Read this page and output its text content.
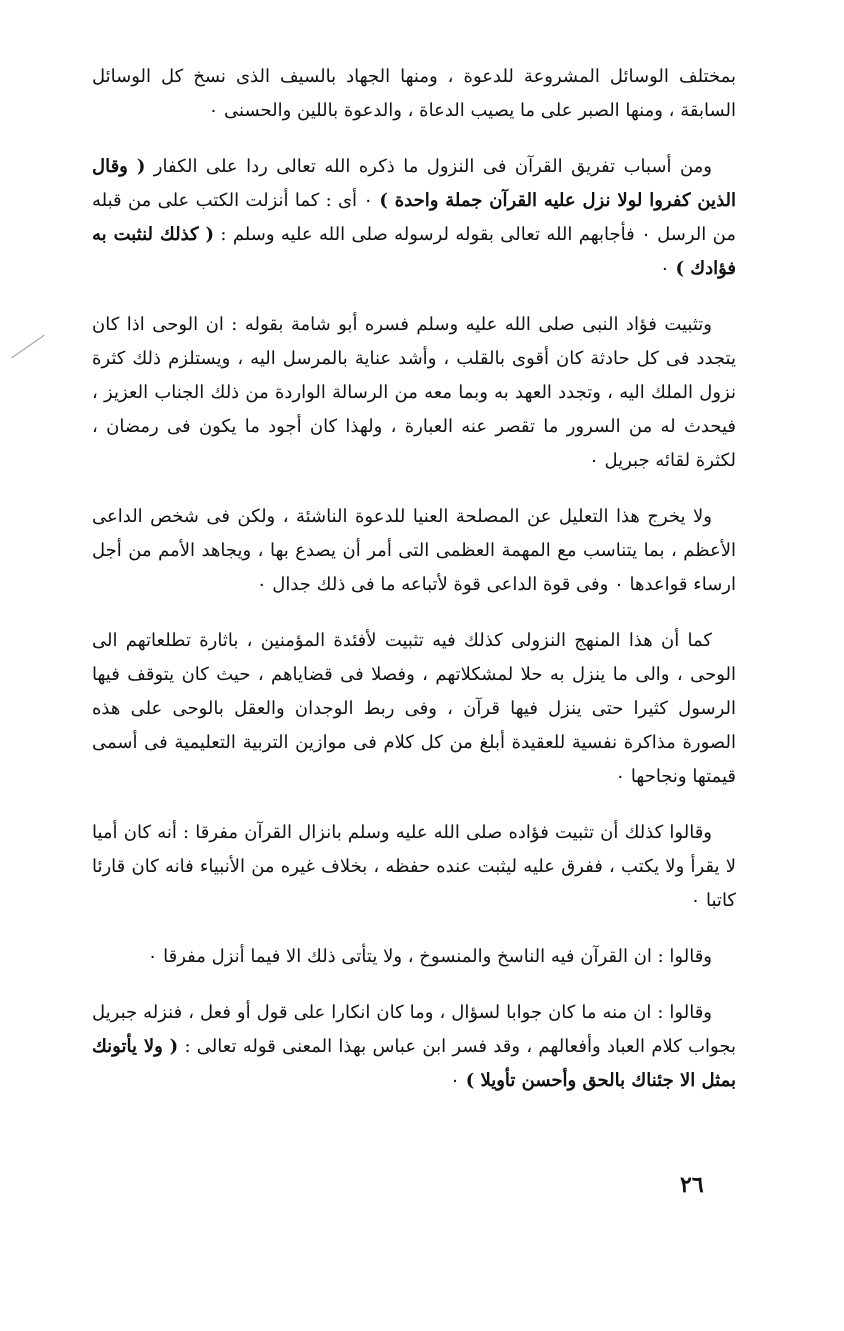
بمختلف الوسائل المشروعة للدعوة ، ومنها الجهاد بالسيف الذى نسخ كل الوسائل السابقة ، ومنها الصبر على ما يصيب الدعاة ، والدعوة باللين والحسنى ٠

ومن أسباب تفريق القرآن فى النزول ما ذكره الله تعالى ردا على الكفار ( وقال الذين كفروا لولا نزل عليه القرآن جملة واحدة ) ٠ أى : كما أنزلت الكتب على من قبله من الرسل ٠ فأجابهم الله تعالى بقوله لرسوله صلى الله عليه وسلم : ( كذلك لنثبت به فؤادك ) ٠

وتثبيت فؤاد النبى صلى الله عليه وسلم فسره أبو شامة بقوله : ان الوحى اذا كان يتجدد فى كل حادثة كان أقوى بالقلب ، وأشد عناية بالمرسل اليه ، ويستلزم ذلك كثرة نزول الملك اليه ، وتجدد العهد به وبما معه من الرسالة الواردة من ذلك الجناب العزيز ، فيحدث له من السرور ما تقصر عنه العبارة ، ولهذا كان أجود ما يكون فى رمضان ، لكثرة لقائه جبريل ٠

ولا يخرج هذا التعليل عن المصلحة العنيا للدعوة الناشئة ، ولكن فى شخص الداعى الأعظم ، بما يتناسب مع المهمة العظمى التى أمر أن يصدع بها ، ويجاهد الأمم من أجل ارساء قواعدها ٠ وفى قوة الداعى قوة لأتباعه ما فى ذلك جدال ٠

كما أن هذا المنهج النزولى كذلك فيه تثبيت لأفئدة المؤمنين ، باثارة تطلعاتهم الى الوحى ، والى ما ينزل به حلا لمشكلاتهم ، وفصلا فى قضاياهم ، حيث كان يتوقف فيها الرسول كثيرا حتى ينزل فيها قرآن ، وفى ربط الوجدان والعقل بالوحى على هذه الصورة مذاكرة نفسية للعقيدة أبلغ من كل كلام فى موازين التربية التعليمية فى أسمى قيمتها ونجاحها ٠

وقالوا كذلك أن تثبيت فؤاده صلى الله عليه وسلم بانزال القرآن مفرقا : أنه كان أميا لا يقرأ ولا يكتب ، ففرق عليه ليثبت عنده حفظه ، بخلاف غيره من الأنبياء فانه كان قارئا كاتبا ٠

وقالوا : ان القرآن فيه الناسخ والمنسوخ ، ولا يتأتى ذلك الا فيما أنزل مفرقا ٠

وقالوا : ان منه ما كان جوابا لسؤال ، وما كان انكارا على قول أو فعل ، فنزله جبريل بجواب كلام العباد وأفعالهم ، وقد فسر ابن عباس بهذا المعنى قوله تعالى : ( ولا يأتونك بمثل الا جئناك بالحق وأحسن تأويلا ) ٠

٢٦
